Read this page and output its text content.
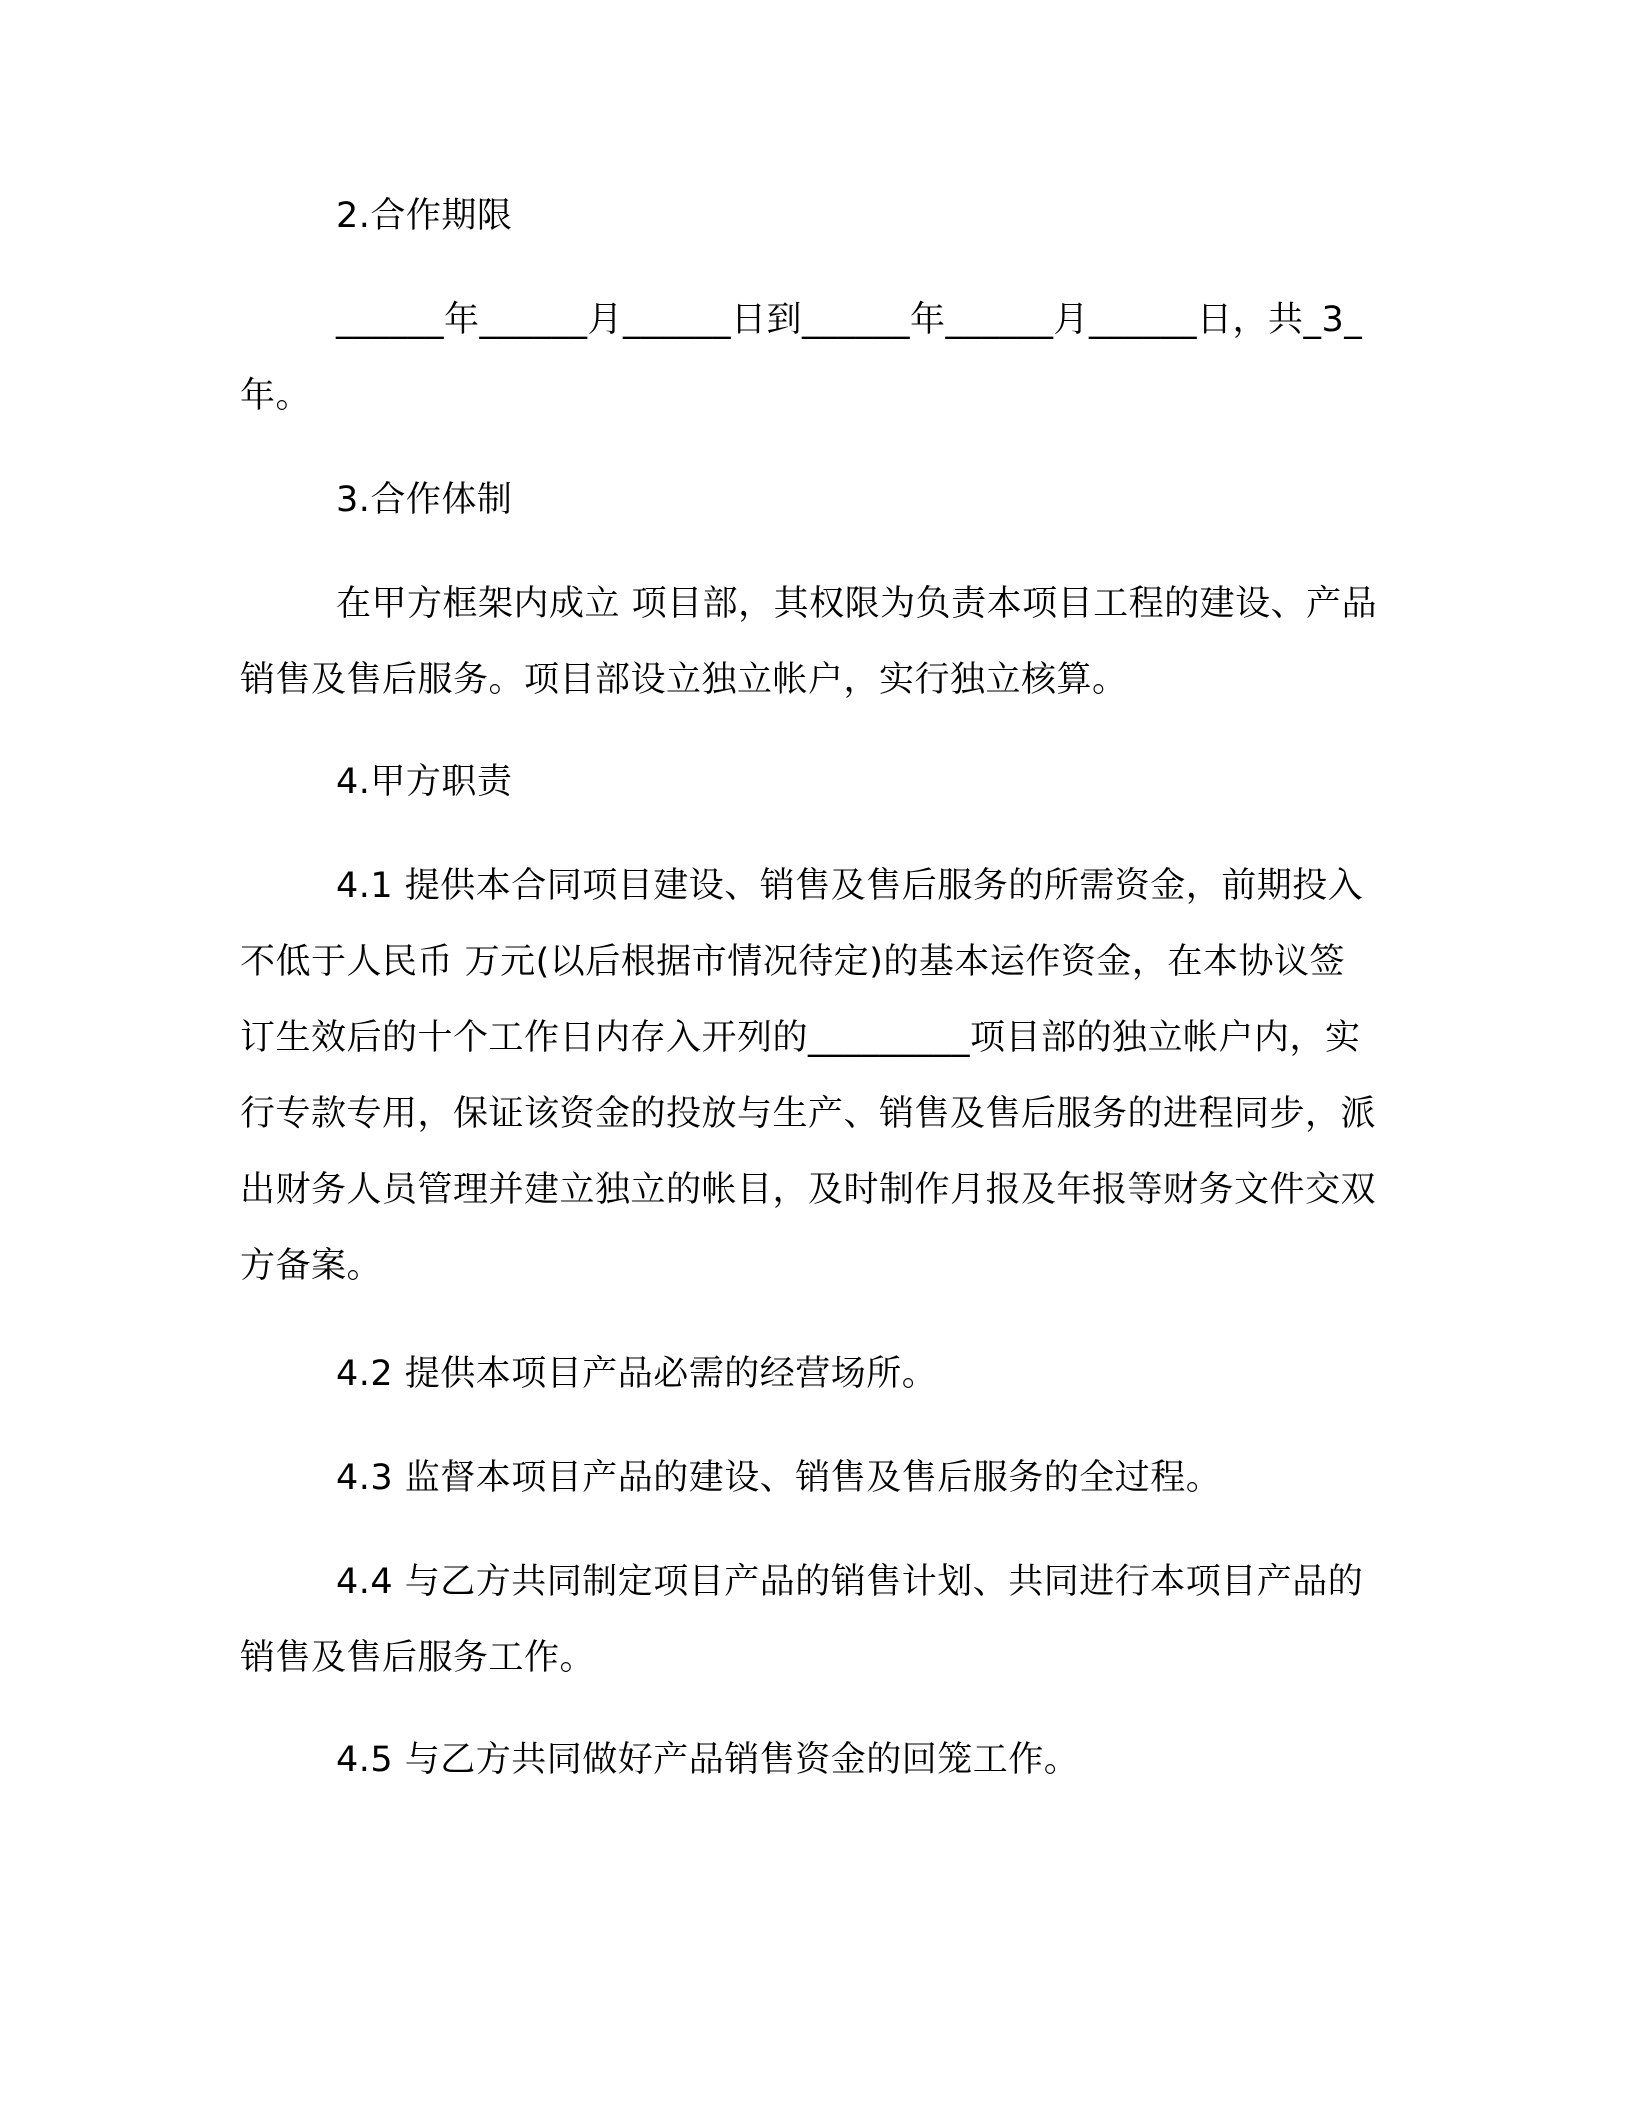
2.合作期限

______年______月______日到______年______月______日，共_3_年。

3.合作体制

在甲方框架内成立 项目部，其权限为负责本项目工程的建设、产品销售及售后服务。项目部设立独立帐户，实行独立核算。

4.甲方职责

4.1 提供本合同项目建设、销售及售后服务的所需资金，前期投入不低于人民币 万元(以后根据市情况待定)的基本运作资金，在本协议签订生效后的十个工作日内存入开列的_________项目部的独立帐户内，实行专款专用，保证该资金的投放与生产、销售及售后服务的进程同步，派出财务人员管理并建立独立的帐目，及时制作月报及年报等财务文件交双方备案。

4.2 提供本项目产品必需的经营场所。

4.3 监督本项目产品的建设、销售及售后服务的全过程。

4.4 与乙方共同制定项目产品的销售计划、共同进行本项目产品的销售及售后服务工作。

4.5 与乙方共同做好产品销售资金的回笼工作。
